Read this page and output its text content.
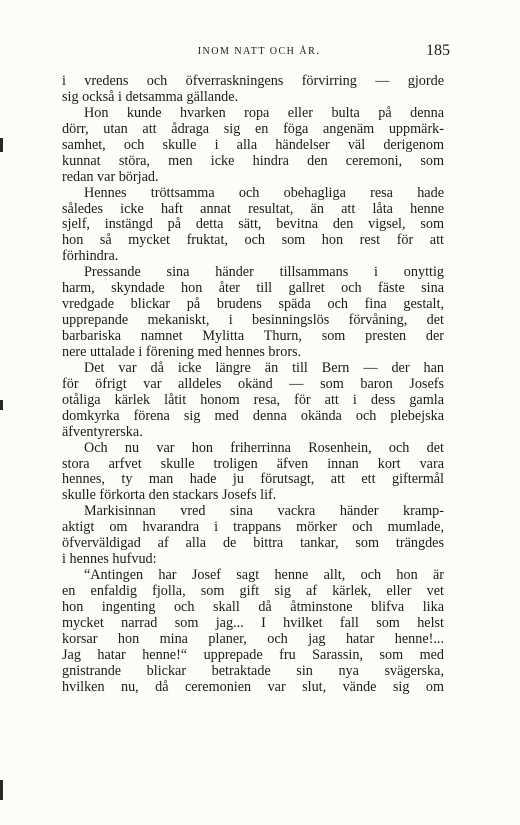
INOM NATT OCH ÅR.	185
i vredens och öfverraskningens förvirring — gjorde
sig också i detsamma gällande.
Hon kunde hvarken ropa eller bulta på denna
dörr, utan att ådraga sig en föga angenäm uppmärk-
samhet, och skulle i alla händelser väl derigenom
kunnat störa, men icke hindra den ceremoni, som
redan var börjad.
Hennes tröttsamma och obehagliga resa hade
således icke haft annat resultat, än att låta henne
sjelf, instängd på detta sätt, bevitna den vigsel, som
hon så mycket fruktat, och som hon rest för att
förhindra.
Pressande sina händer tillsammans i onyttig
harm, skyndade hon åter till gallret och fäste sina
vredgade blickar på brudens späda och fina gestalt,
upprepande mekaniskt, i besinningslös förvåning, det
barbariska namnet Mylitta Thurn, som presten der
nere uttalade i förening med hennes brors.
Det var då icke längre än till Bern — der han
för öfrigt var alldeles okänd — som baron Josefs
otåliga kärlek låtit honom resa, för att i dess gamla
domkyrka förena sig med denna okända och plebejska
äfventyrerska.
Och nu var hon friherrinna Rosenhein, och det
stora arfvet skulle troligen äfven innan kort vara
hennes, ty man hade ju förutsagt, att ett giftermål
skulle förkorta den stackars Josefs lif.
Markisinnan vred sina vackra händer kramp-
aktigt om hvarandra i trappans mörker och mumlade,
öfverväldigad af alla de bittra tankar, som trängdes
i hennes hufvud:
“Antingen har Josef sagt henne allt, och hon är
en enfaldig fjolla, som gift sig af kärlek, eller vet
hon ingenting och skall då åtminstone blifva lika
mycket narrad som jag... I hvilket fall som helst
korsar hon mina planer, och jag hatar henne!...
Jag hatar henne!“ upprepade fru Sarassin, som med
gnistrande blickar betraktade sin nya svägerska,
hvilken nu, då ceremonien var slut, vände sig om
